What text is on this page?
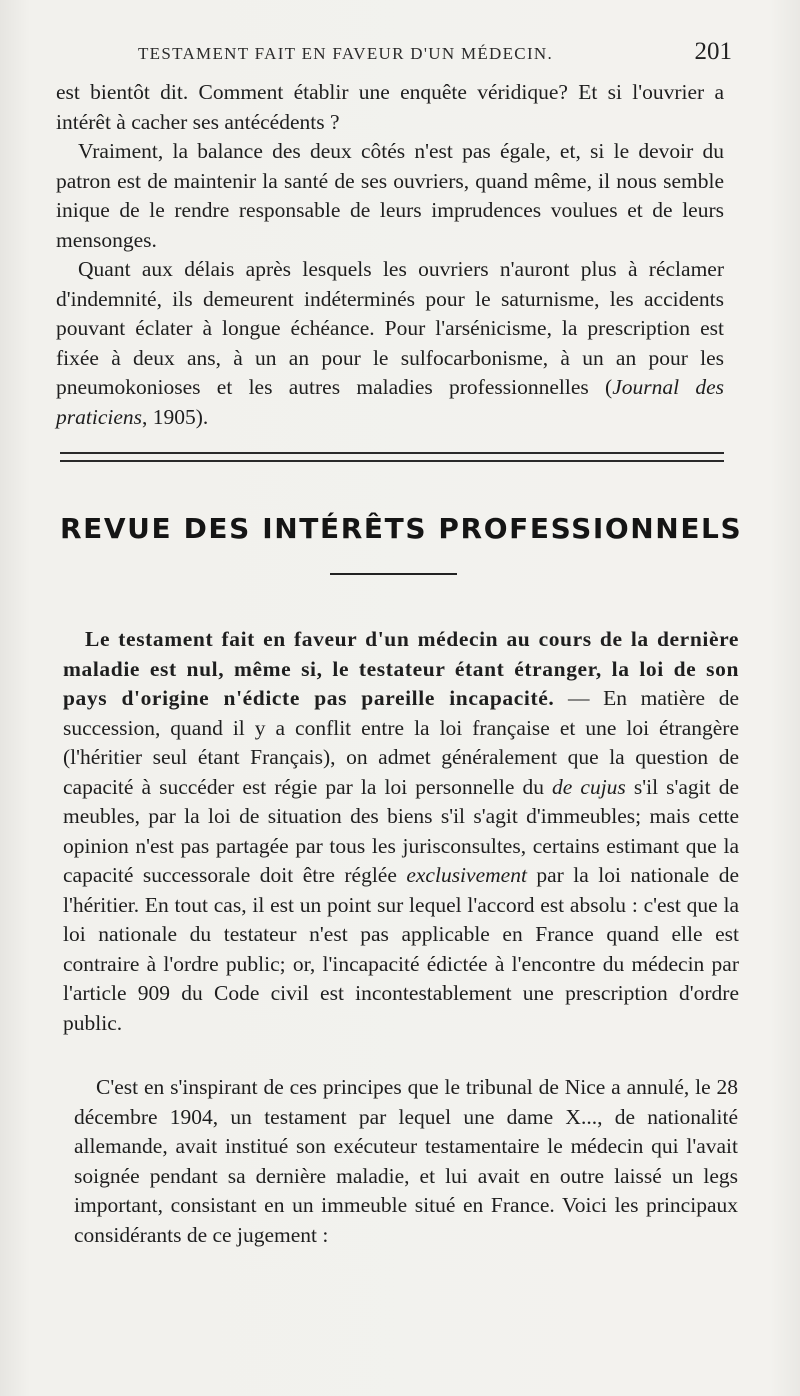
TESTAMENT FAIT EN FAVEUR D'UN MÉDECIN.	201

est bientôt dit. Comment établir une enquête véridique? Et si l'ouvrier a intérêt à cacher ses antécédents ?

Vraiment, la balance des deux côtés n'est pas égale, et, si le devoir du patron est de maintenir la santé de ses ouvriers, quand même, il nous semble inique de le rendre responsable de leurs imprudences voulues et de leurs mensonges.

Quant aux délais après lesquels les ouvriers n'auront plus à réclamer d'indemnité, ils demeurent indéterminés pour le saturnisme, les accidents pouvant éclater à longue échéance. Pour l'arsénicisme, la prescription est fixée à deux ans, à un an pour le sulfocarbonisme, à un an pour les pneumokonioses et les autres maladies professionnelles (Journal des praticiens, 1905).

REVUE DES INTÉRÊTS PROFESSIONNELS

Le testament fait en faveur d'un médecin au cours de la dernière maladie est nul, même si, le testateur étant étranger, la loi de son pays d'origine n'édicte pas pareille incapacité. — En matière de succession, quand il y a conflit entre la loi française et une loi étrangère (l'héritier seul étant Français), on admet généralement que la question de capacité à succéder est régie par la loi personnelle du de cujus s'il s'agit de meubles, par la loi de situation des biens s'il s'agit d'immeubles; mais cette opinion n'est pas partagée par tous les jurisconsultes, certains estimant que la capacité successorale doit être réglée exclusivement par la loi nationale de l'héritier. En tout cas, il est un point sur lequel l'accord est absolu : c'est que la loi nationale du testateur n'est pas applicable en France quand elle est contraire à l'ordre public; or, l'incapacité édictée à l'encontre du médecin par l'article 909 du Code civil est incontestablement une prescription d'ordre public.

C'est en s'inspirant de ces principes que le tribunal de Nice a annulé, le 28 décembre 1904, un testament par lequel une dame X..., de nationalité allemande, avait institué son exécuteur testamentaire le médecin qui l'avait soignée pendant sa dernière maladie, et lui avait en outre laissé un legs important, consistant en un immeuble situé en France. Voici les principaux considérants de ce jugement :
